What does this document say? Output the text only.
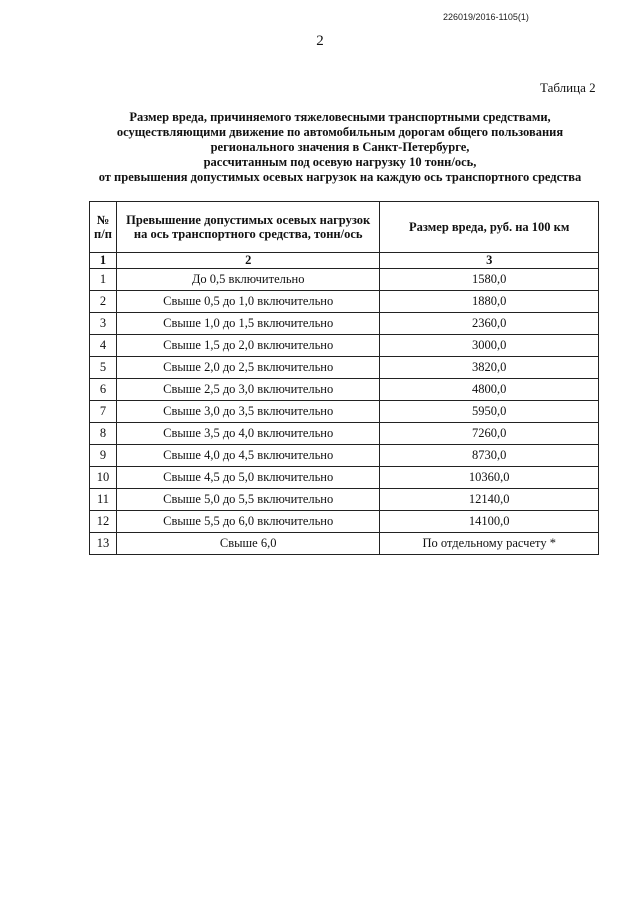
226019/2016-1105(1)
2
Таблица 2
Размер вреда, причиняемого тяжеловесными транспортными средствами,
осуществляющими движение по автомобильным дорогам общего пользования
регионального значения в Санкт-Петербурге,
рассчитанным под осевую нагрузку 10 тонн/ось,
от превышения допустимых осевых нагрузок на каждую ось транспортного средства
№ п/п	Превышение допустимых осевых нагрузок на ось транспортного средства, тонн/ось	Размер вреда, руб. на 100 км
1	2	3
1	До 0,5 включительно	1580,0
2	Свыше 0,5 до 1,0 включительно	1880,0
3	Свыше 1,0 до 1,5 включительно	2360,0
4	Свыше 1,5 до 2,0 включительно	3000,0
5	Свыше 2,0 до 2,5 включительно	3820,0
6	Свыше 2,5 до 3,0 включительно	4800,0
7	Свыше 3,0 до 3,5 включительно	5950,0
8	Свыше 3,5 до 4,0 включительно	7260,0
9	Свыше 4,0 до 4,5 включительно	8730,0
10	Свыше 4,5 до 5,0 включительно	10360,0
11	Свыше 5,0 до 5,5 включительно	12140,0
12	Свыше 5,5 до 6,0 включительно	14100,0
13	Свыше 6,0	По отдельному расчету *
